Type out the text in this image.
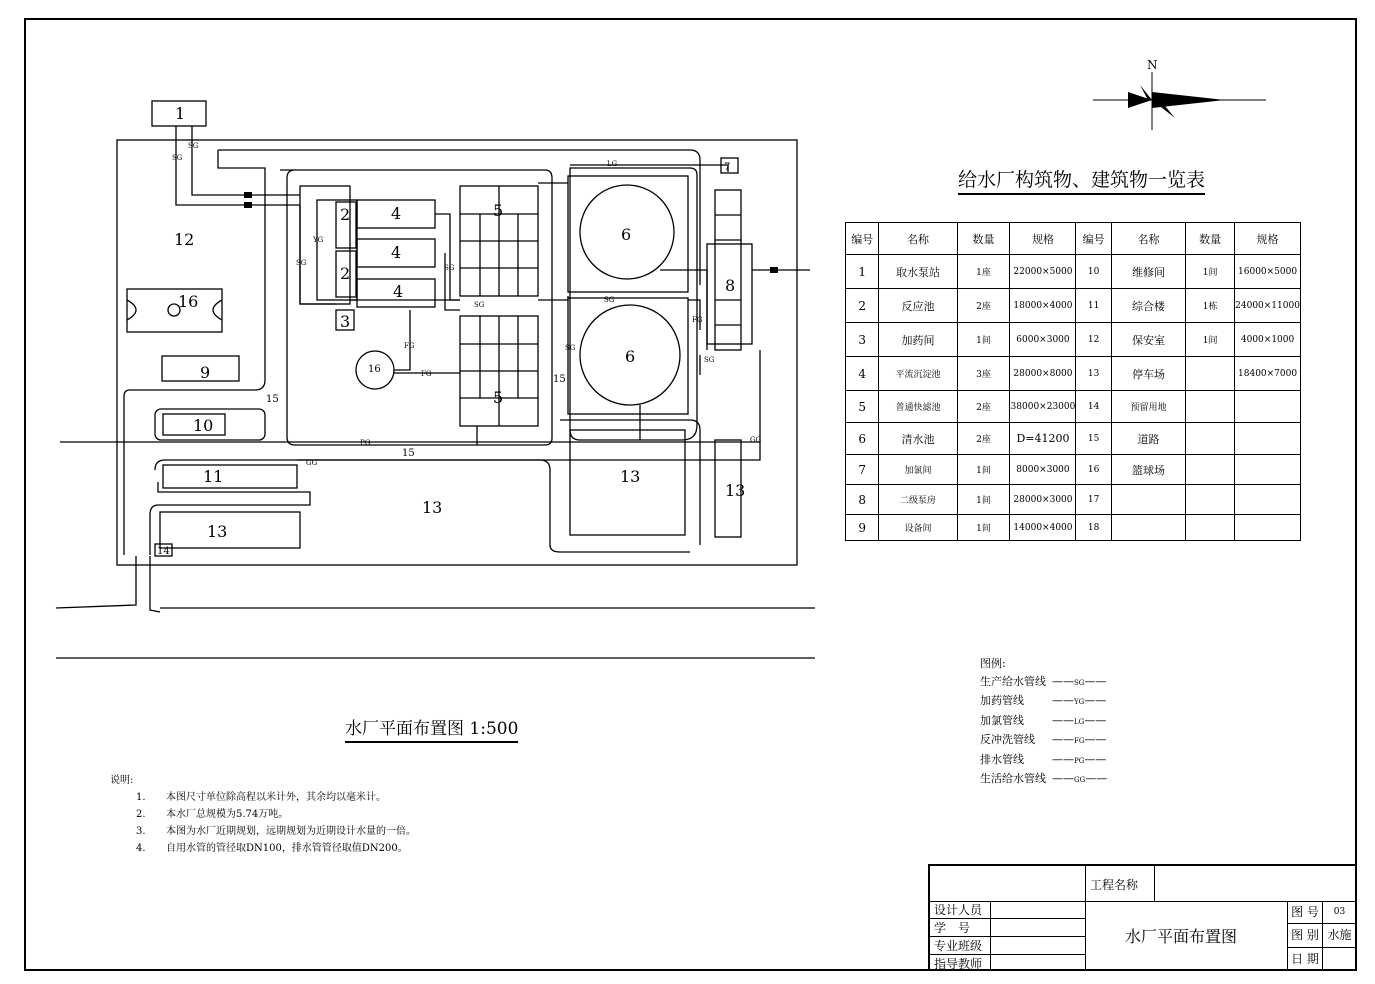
N
1
2
2
3
4
4
4
5
5
6
6
8
9
10
11
12
13
13
13
13
16
7
14
15
15
15
16
SG
SG
SG
SG
SG
SG
SG
SG
YG
LG
FG
FG
FG
PG
GG
GG
水厂平面布置图 1:500
给水厂构筑物、建筑物一览表
编号	名称	数量	规格	编号	名称	数量	规格
1	取水泵站	1座	22000×5000	10	维修间	1间	16000×5000
2	反应池	2座	18000×4000	11	综合楼	1栋	24000×11000
3	加药间	1间	6000×3000	12	保安室	1间	4000×1000
4	平流沉淀池	3座	28000×8000	13	停车场		18400×7000
5	普通快滤池	2座	38000×23000	14	预留用地		
6	清水池	2座	D=41200	15	道路		
7	加氯间	1间	8000×3000	16	篮球场		
8	二级泵房	1间	28000×3000	17			
9	设备间	1间	14000×4000	18			
图例:
生产给水管线 ——SG——
加药管线	——YG——
加氯管线	——LG——
反冲洗管线 ——FG——
排水管线	——PG——
生活给水管线 ——GG——
说明:
1. 本图尺寸单位除高程以米计外，其余均以毫米计。
2. 本水厂总规模为5.74万吨。
3. 本图为水厂近期规划，远期规划为近期设计水量的一倍。
4. 自用水管的管径取DN100，排水管管径取值DN200。
工程名称
设计人员
学　号
专业班级
指导教师
水厂平面布置图
图 号	03
图 别 水施
日 期
